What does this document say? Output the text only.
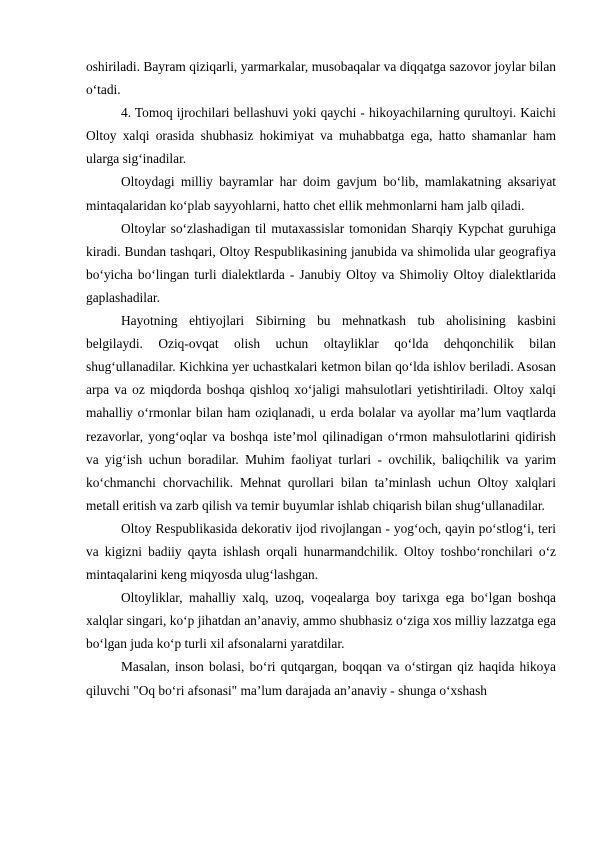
oshiriladi. Bayram qiziqarli, yarmarkalar, musobaqalar va diqqatga sazovor joylar bilan o‘tadi.

4. Tomoq ijrochilari bellashuvi yoki qaychi - hikoyachilarning qurultoyi. Kaichi Oltoy xalqi orasida shubhasiz hokimiyat va muhabbatga ega, hatto shamanlar ham ularga sig‘inadilar.

Oltoydagi milliy bayramlar har doim gavjum bo‘lib, mamlakatning aksariyat mintaqalaridan ko‘plab sayyohlarni, hatto chet ellik mehmonlarni ham jalb qiladi.

Oltoylar so‘zlashadigan til mutaxassislar tomonidan Sharqiy Kypchat guruhiga kiradi. Bundan tashqari, Oltoy Respublikasining janubida va shimolida ular geografiya bo‘yicha bo‘lingan turli dialektlarda - Janubiy Oltoy va Shimoliy Oltoy dialektlarida gaplashadilar.

Hayotning ehtiyojlari Sibirning bu mehnatkash tub aholisining kasbini belgilaydi. Oziq-ovqat olish uchun oltayliklar qo‘lda dehqonchilik bilan shug‘ullanadilar. Kichkina yer uchastkalari ketmon bilan qo‘lda ishlov beriladi. Asosan arpa va oz miqdorda boshqa qishloq xo‘jaligi mahsulotlari yetishtiriladi. Oltoy xalqi mahalliy o‘rmonlar bilan ham oziqlanadi, u erda bolalar va ayollar ma’lum vaqtlarda rezavorlar, yong‘oqlar va boshqa iste’mol qilinadigan o‘rmon mahsulotlarini qidirish va yig‘ish uchun boradilar. Muhim faoliyat turlari - ovchilik, baliqchilik va yarim ko‘chmanchi chorvachilik. Mehnat qurollari bilan ta’minlash uchun Oltoy xalqlari metall eritish va zarb qilish va temir buyumlar ishlab chiqarish bilan shug‘ullanadilar.

Oltoy Respublikasida dekorativ ijod rivojlangan - yog‘och, qayin po‘stlog‘i, teri va kigizni badiiy qayta ishlash orqali hunarmandchilik. Oltoy toshbo‘ronchilari o‘z mintaqalarini keng miqyosda ulug‘lashgan.

Oltoyliklar, mahalliy xalq, uzoq, voqealarga boy tarixga ega bo‘lgan boshqa xalqlar singari, ko‘p jihatdan an’anaviy, ammo shubhasiz o‘ziga xos milliy lazzatga ega bo‘lgan juda ko‘p turli xil afsonalarni yaratdilar.

Masalan, inson bolasi, bo‘ri qutqargan, boqqan va o‘stirgan qiz haqida hikoya qiluvchi "Oq bo‘ri afsonasi" ma’lum darajada an’anaviy - shunga o‘xshash
